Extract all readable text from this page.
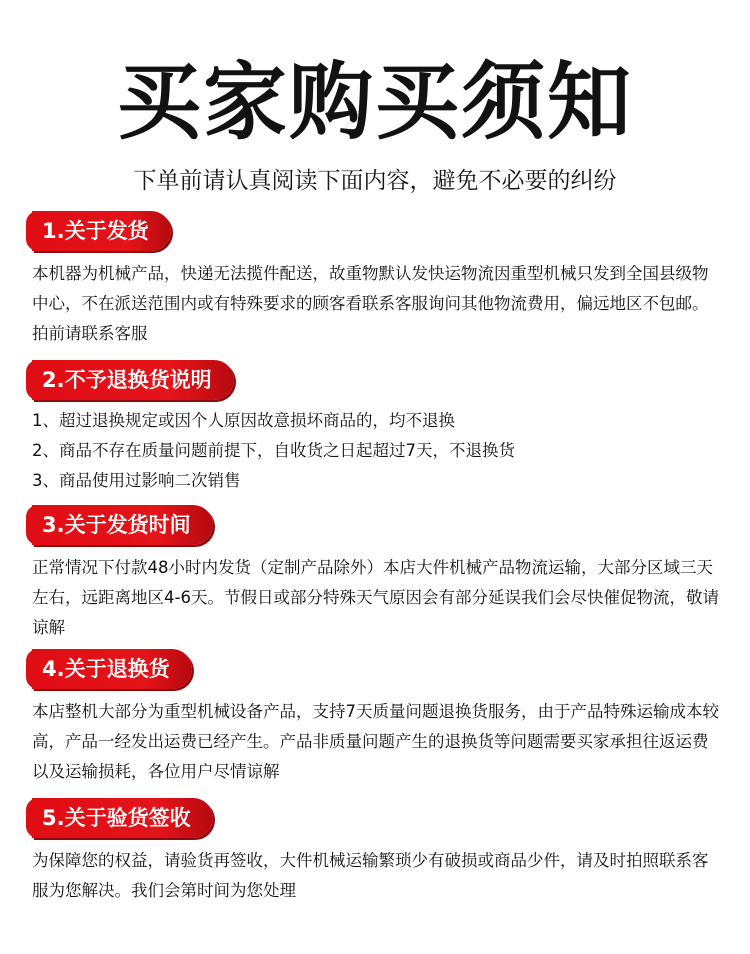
买家购买须知
下单前请认真阅读下面内容，避免不必要的纠纷
1.关于发货

本机器为机械产品，快递无法揽件配送，故重物默认发快运物流因重型机械只发到全国县级物中心，不在派送范围内或有特殊要求的顾客看联系客服询问其他物流费用，偏远地区不包邮。拍前请联系客服

2.不予退换货说明
1、超过退换规定或因个人原因故意损坏商品的，均不退换
2、商品不存在质量问题前提下，自收货之日起超过7天，不退换货
3、商品使用过影响二次销售
3.关于发货时间

正常情况下付款48小时内发货（定制产品除外）本店大件机械产品物流运输，大部分区域三天左右，远距离地区4-6天。节假日或部分特殊天气原因会有部分延误我们会尽快催促物流，敬请谅解

4.关于退换货

本店整机大部分为重型机械设备产品，支持7天质量问题退换货服务，由于产品特殊运输成本较高，产品一经发出运费已经产生。产品非质量问题产生的退换货等问题需要买家承担往返运费以及运输损耗，各位用户尽情谅解

5.关于验货签收

为保障您的权益，请验货再签收，大件机械运输繁琐少有破损或商品少件，请及时拍照联系客服为您解决。我们会第时间为您处理
